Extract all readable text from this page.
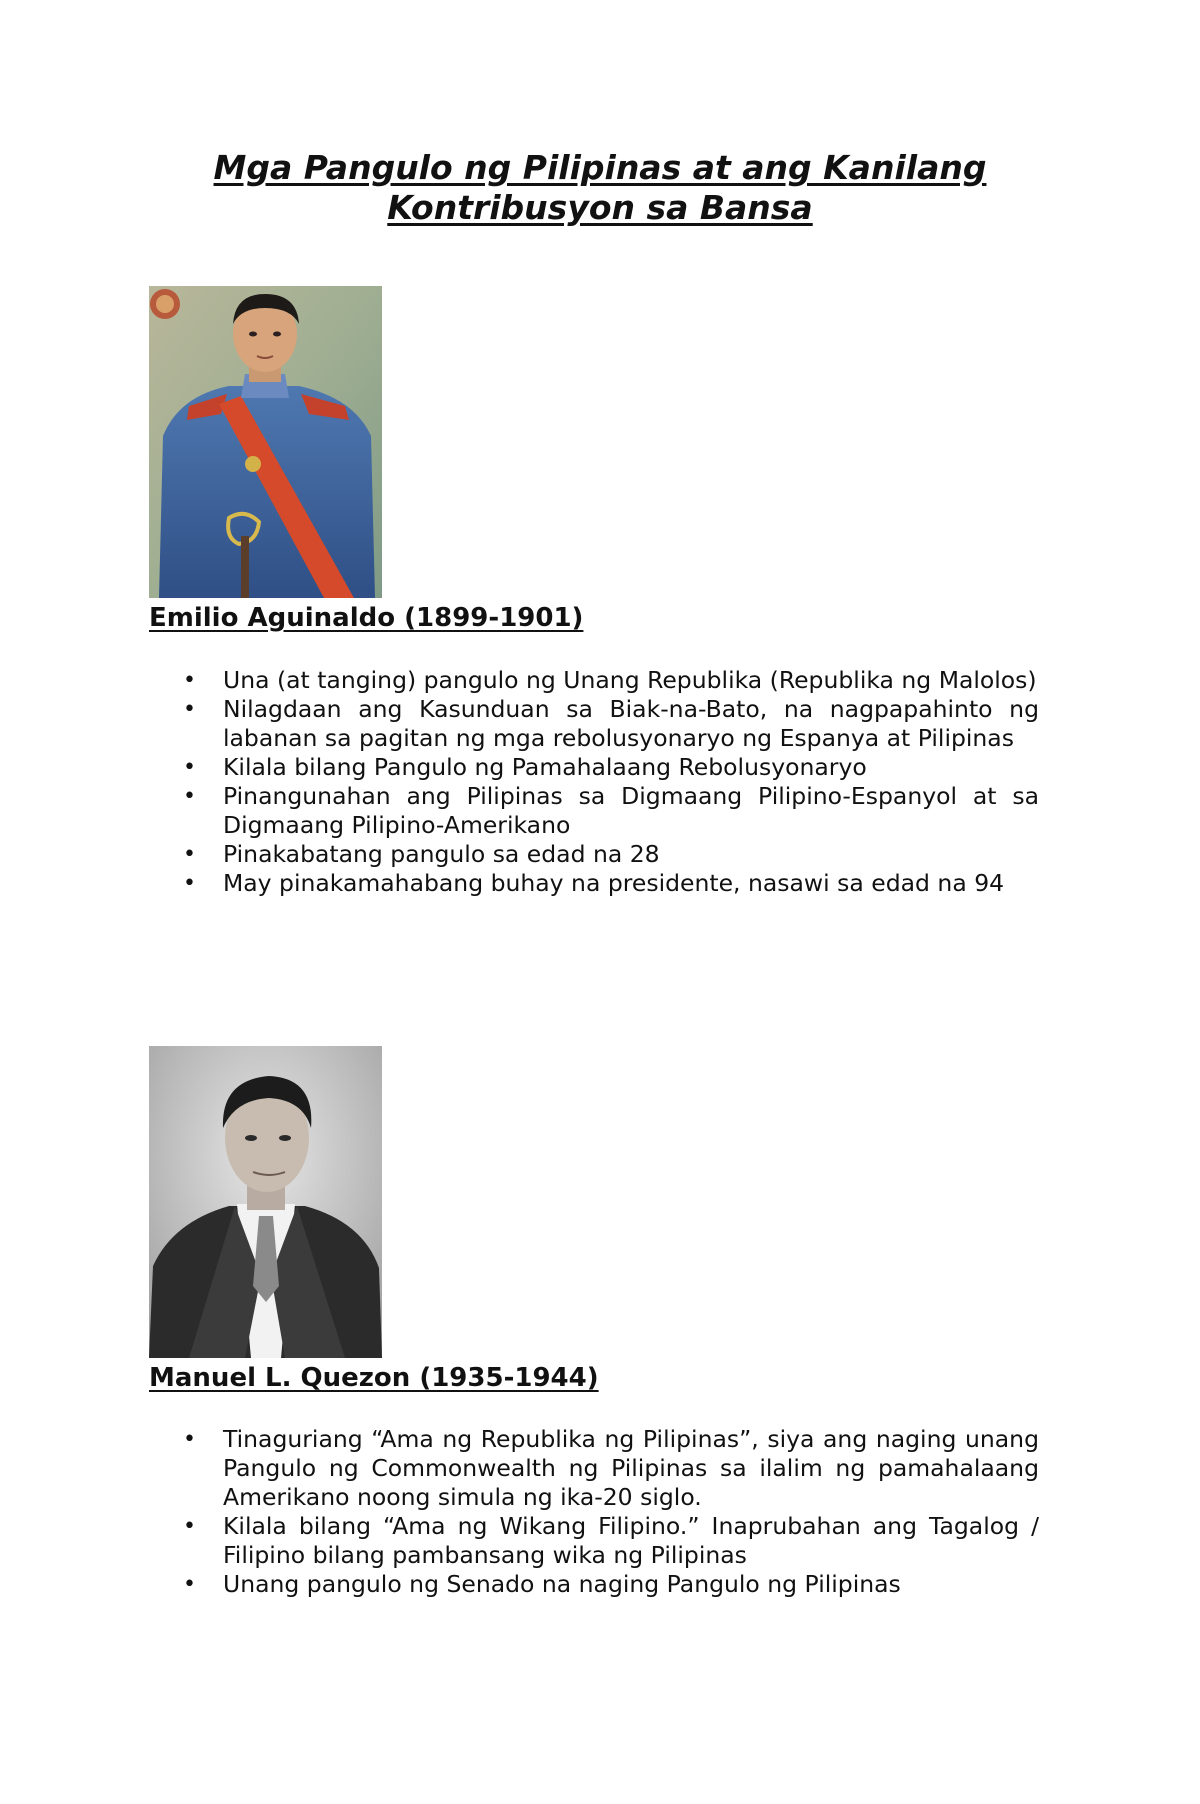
Mga Pangulo ng Pilipinas at ang Kanilang
Kontribusyon sa Bansa
Emilio Aguinaldo (1899-1901)
• Una (at tanging) pangulo ng Unang Republika (Republika ng Malolos)
• Nilagdaan ang Kasunduan sa Biak-na-Bato, na nagpapahinto ng labanan sa pagitan ng mga rebolusyonaryo ng Espanya at Pilipinas
• Kilala bilang Pangulo ng Pamahalaang Rebolusyonaryo
• Pinangunahan ang Pilipinas sa Digmaang Pilipino-Espanyol at sa Digmaang Pilipino-Amerikano
• Pinakabatang pangulo sa edad na 28
• May pinakamahabang buhay na presidente, nasawi sa edad na 94
Manuel L. Quezon (1935-1944)
• Tinaguriang “Ama ng Republika ng Pilipinas”, siya ang naging unang Pangulo ng Commonwealth ng Pilipinas sa ilalim ng pamahalaang Amerikano noong simula ng ika-20 siglo.
• Kilala bilang “Ama ng Wikang Filipino.” Inaprubahan ang Tagalog / Filipino bilang pambansang wika ng Pilipinas
• Unang pangulo ng Senado na naging Pangulo ng Pilipinas
